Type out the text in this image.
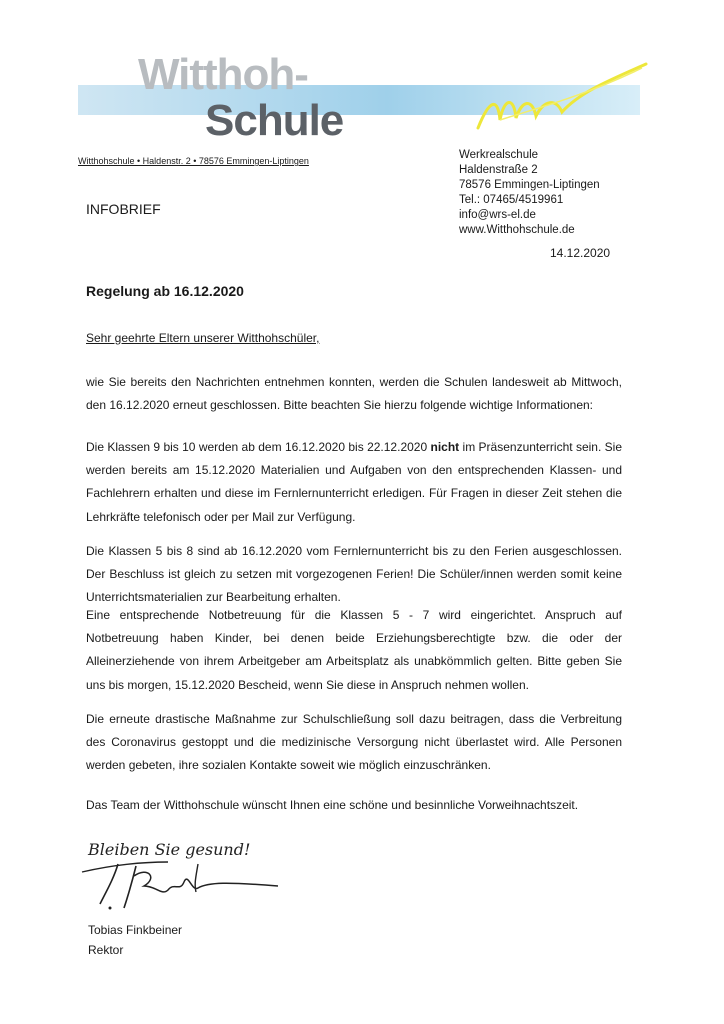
Witthoh-
Schule
Witthohschule • Haldenstr. 2 • 78576 Emmingen-Liptingen	Werkrealschule
Haldenstraße 2
78576 Emmingen-Liptingen
Tel.: 07465/4519961
info@wrs-el.de
www.Witthohschule.de
INFOBRIEF
14.12.2020
Regelung ab 16.12.2020
Sehr geehrte Eltern unserer Witthohschüler,

wie Sie bereits den Nachrichten entnehmen konnten, werden die Schulen landesweit ab Mittwoch, den 16.12.2020 erneut geschlossen. Bitte beachten Sie hierzu folgende wichtige Informationen:

Die Klassen 9 bis 10 werden ab dem 16.12.2020 bis 22.12.2020 nicht im Präsenzunterricht sein. Sie werden bereits am 15.12.2020 Materialien und Aufgaben von den entsprechenden Klassen- und Fachlehrern erhalten und diese im Fernlernunterricht erledigen. Für Fragen in dieser Zeit stehen die Lehrkräfte telefonisch oder per Mail zur Verfügung.

Die Klassen 5 bis 8 sind ab 16.12.2020 vom Fernlernunterricht bis zu den Ferien ausgeschlossen. Der Beschluss ist gleich zu setzen mit vorgezogenen Ferien! Die Schüler/innen werden somit keine Unterrichtsmaterialien zur Bearbeitung erhalten.

Eine entsprechende Notbetreuung für die Klassen 5 - 7 wird eingerichtet. Anspruch auf Notbetreuung haben Kinder, bei denen beide Erziehungsberechtigte bzw. die oder der Alleinerziehende von ihrem Arbeitgeber am Arbeitsplatz als unabkömmlich gelten. Bitte geben Sie uns bis morgen, 15.12.2020 Bescheid, wenn Sie diese in Anspruch nehmen wollen.

Die erneute drastische Maßnahme zur Schulschließung soll dazu beitragen, dass die Verbreitung des Coronavirus gestoppt und die medizinische Versorgung nicht überlastet wird. Alle Personen werden gebeten, ihre sozialen Kontakte soweit wie möglich einzuschränken.

Das Team der Witthohschule wünscht Ihnen eine schöne und besinnliche Vorweihnachtszeit.

Bleiben Sie gesund!
Tobias Finkbeiner
Rektor
